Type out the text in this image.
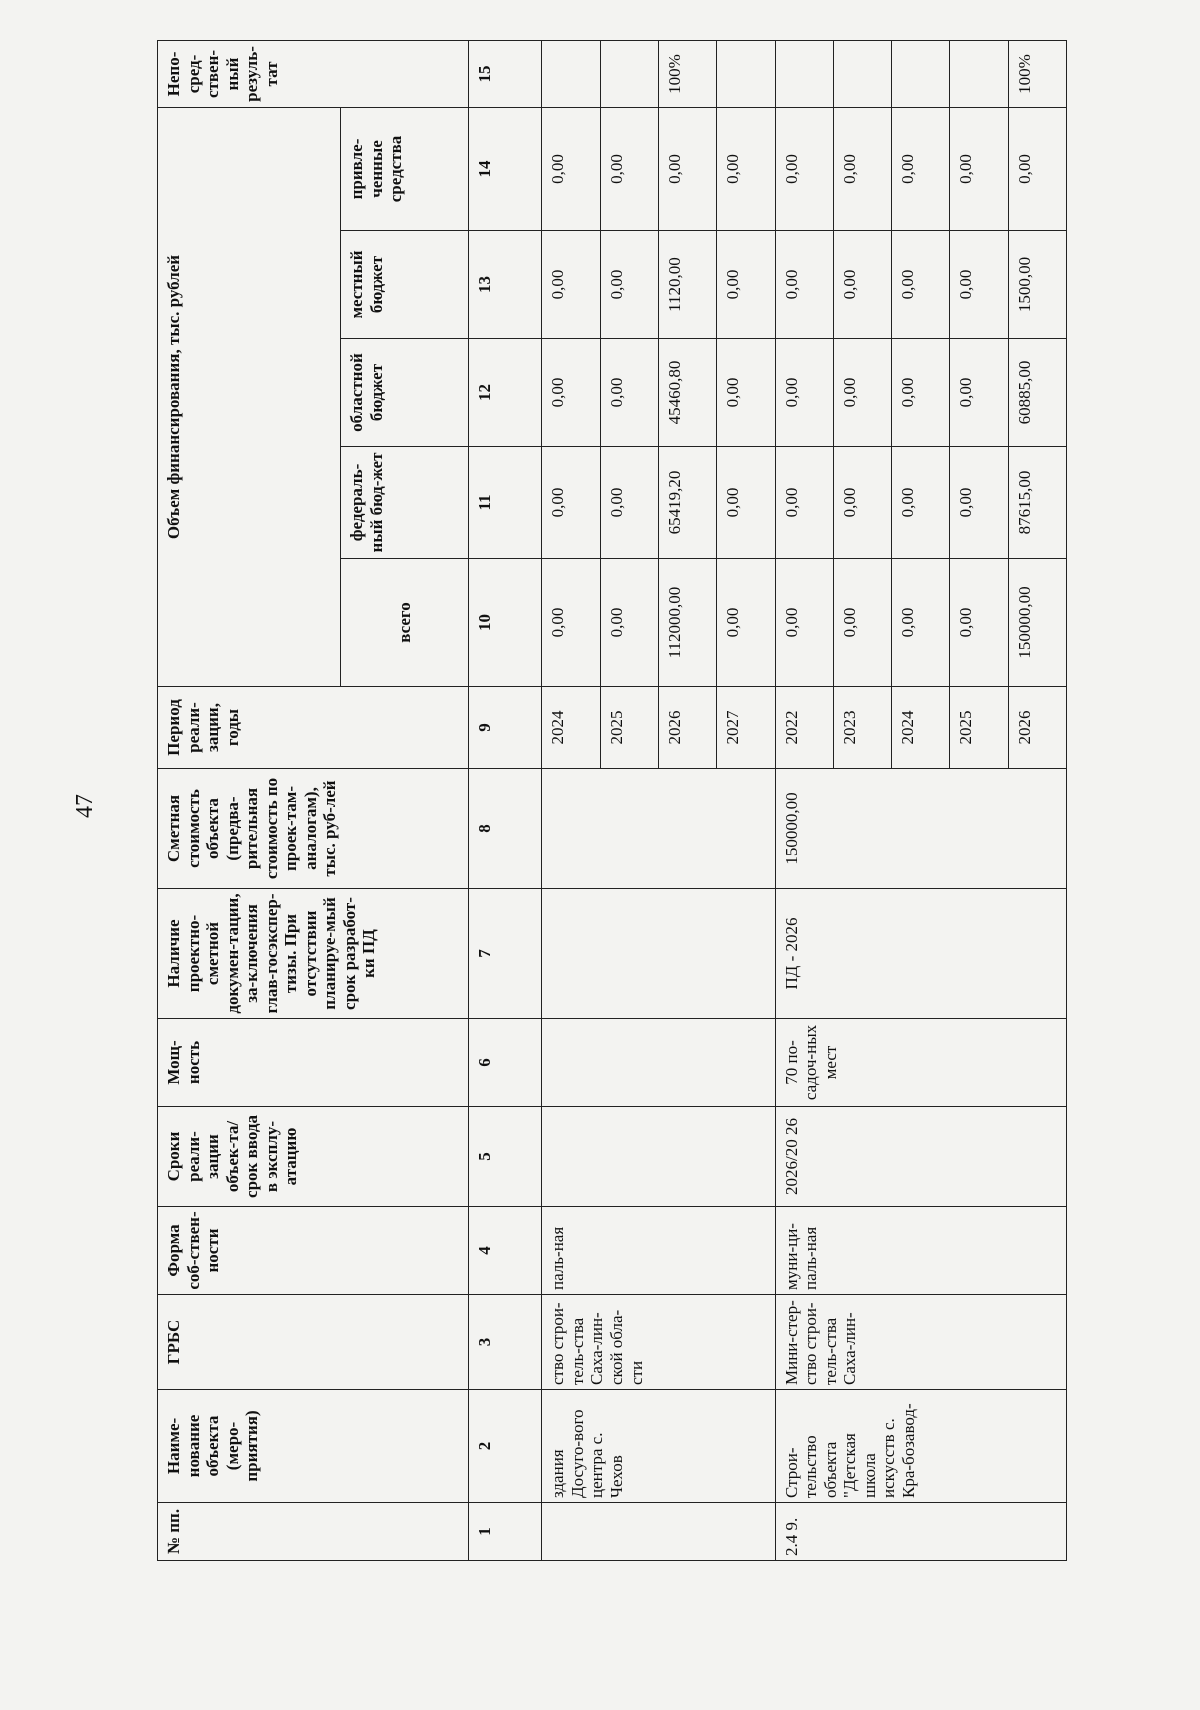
47
№ пп.	Наиме-нование объекта (меро-приятия)	ГРБС	Форма соб-ствен-ности	Сроки реали-зации объек-та/срок ввода в эксплу-атацию	Мощ-ность	Наличие проектно-сметной докумен-тации, за-ключения глав-госэкспер-тизы. При отсутствии планируе-мый срок разработ-ки ПД	Сметная стоимость объекта (предва-рительная стоимость по проек-там-аналогам), тыс. руб-лей	Период реали-зации, годы	Объем финансирования, тыс. рублей					Непо-сред-ствен-ный резуль-тат
									всего	федераль-ный бюд-жет	областной бюджет	местный бюджет	привле-ченные средства	
1	2	3	4	5	6	7	8	9	10	11	12	13	14	15
	здания Досуго-вого центра с. Чехов	ство строи-тель-ства Саха-лин-ской обла-сти	паль-ная					2024	0,00	0,00	0,00	0,00	0,00	
								2025	0,00	0,00	0,00	0,00	0,00	
								2026	112000,00	65419,20	45460,80	1120,00	0,00	100%
								2027	0,00	0,00	0,00	0,00	0,00	
2.4 9.	Строи-тельство объекта "Детская школа искусств с. Кра-бозавод-	Мини-стер-ство строи-тель-ства Саха-лин-	муни-ци-паль-ная	2026/20 26	70 по-садоч-ных мест	ПД - 2026	150000,00	2022	0,00	0,00	0,00	0,00	0,00	
								2023	0,00	0,00	0,00	0,00	0,00	
								2024	0,00	0,00	0,00	0,00	0,00	
								2025	0,00	0,00	0,00	0,00	0,00	
								2026	150000,00	87615,00	60885,00	1500,00	0,00	100%
